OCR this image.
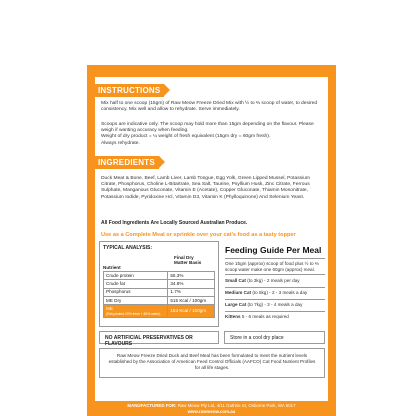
INSTRUCTIONS
Mix half to one scoop (15gm) of Raw Meow Freeze Dried Mix with ½ to ⅔ scoop of water, to desired consistency. Mix well and allow to rehydrate. Serve immediately.
Scoops are indicative only. The scoop may hold more than 15gm depending on the flavour. Please weigh if wanting accuracy when feeding.
Weight of dry product = ¼ weight of fresh equivalent (15gm dry = 60gm fresh).
Always rehydrate.
INGREDIENTS
Duck Meat & Bone, Beef, Lamb Liver, Lamb Tongue, Egg Yolk, Green Lipped Mussel, Potassium Citrate, Phosphorus, Choline L-Bitartrate, Sea Salt, Taurine, Psyllium Husk, Zinc Citrate, Ferrous Sulphate, Manganous Gluconate, Vitamin E (Acetate), Copper Gluconate, Thiamin Mononitrate, Potassium Iodide, Pyridoxine Hcl, Vitamin D3, Vitamin K (Phylloquinone) And Selenium Yeast.
All Food Ingredients Are Locally Sourced Australian Produce.
Use as a Complete Meal or sprinkle over your cat's food as a tasty topper
TYPICAL ANALYSIS:
Nutrient
Final Dry
Matter Basis
Crude protein	55.3%
Crude fat	34.8%
Phosphorus	1.7%
ME Dry	515 Kcal / 100gm
ME
(Rehydrated 20% fresh + 80% water)	154 Kcal / 100gm
Feeding Guide Per Meal
One 15gm (approx) scoop of food plus ½ to ⅔ scoop water make one 60gm (approx) meal.
Small Cat (to 3kg) - 2 meals per day
Medium Cat (to 5kg) - 2 - 3 meals a day
Large Cat (to 7kg) - 3 - 4 meals a day
Kittens 5 - 6 meals as required
NO ARTIFICIAL PRESERVATIVES OR FLAVOURS
Store in a cool dry place
Raw Meow Freeze Dried Duck and Beef Meal has been formulated to meet the nutrient levels established by the Association of American Feed Control Officials (AAFCO) Cat Food Nutrient Profiles for all life stages.
MANUFACTURED FOR: Raw Meow Pty Ltd, 4/11 Guthrie St, Osborne Park, WA 6017
www.rawmeow.com.au
